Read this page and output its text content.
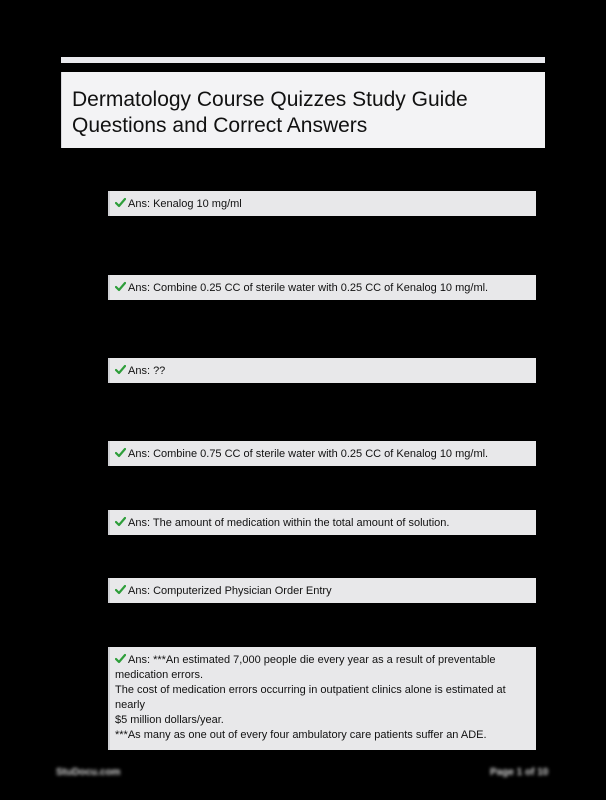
Dermatology Course Quizzes Study Guide
Questions and Correct Answers
Ans: Kenalog 10 mg/ml
Ans: Combine 0.25 CC of sterile water with 0.25 CC of Kenalog 10 mg/ml.
Ans: ??
Ans: Combine 0.75 CC of sterile water with 0.25 CC of Kenalog 10 mg/ml.
Ans: The amount of medication within the total amount of solution.
Ans: Computerized Physician Order Entry
Ans: ***An estimated 7,000 people die every year as a result of preventable
medication errors.
The cost of medication errors occurring in outpatient clinics alone is estimated at nearly
$5 million dollars/year.
***As many as one out of every four ambulatory care patients suffer an ADE.
StuDocu.com	Page 1 of 10
